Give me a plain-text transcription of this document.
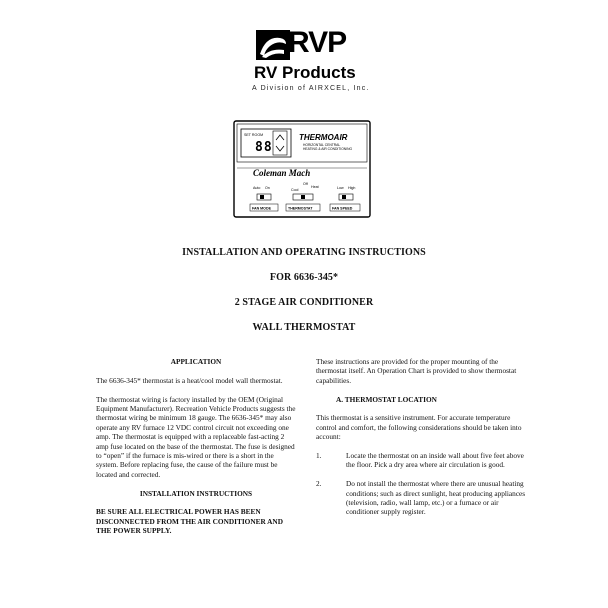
RVP
RV Products
A Division of AIRXCEL, Inc.
SET ROOM
88
THERMOAIR
HORIZONTAL CENTRAL
HEATING & AIR CONDITIONING
Coleman Mach
Auto On	Cool
Off
Heat	Low High
FAN MODE	THERMOSTAT	FAN SPEED
INSTALLATION AND OPERATING INSTRUCTIONS
FOR 6636-345*
2 STAGE AIR CONDITIONER
WALL THERMOSTAT
APPLICATION

The 6636-345* thermostat is a heat/cool model wall thermostat.

The thermostat wiring is factory installed by the OEM (Original Equipment Manufacturer). Recreation Vehicle Products suggests the thermostat wiring be minimum 18 gauge. The 6636-345* may also operate any RV furnace 12 VDC control circuit not exceeding one amp. The thermostat is equipped with a replaceable fast-acting 2 amp fuse located on the base of the thermostat. The fuse is designed to “open” if the furnace is mis-wired or there is a short in the system. Before replacing fuse, the cause of the failure must be located and corrected.

INSTALLATION INSTRUCTIONS

BE SURE ALL ELECTRICAL POWER HAS BEEN DISCONNECTED FROM THE AIR CONDITIONER AND THE POWER SUPPLY.

These instructions are provided for the proper mounting of the thermostat itself. An Operation Chart is provided to show thermostat capabilities.

A. THERMOSTAT LOCATION

This thermostat is a sensitive instrument. For accurate temperature control and comfort, the following considerations should be taken into account:

1.	Locate the thermostat on an inside wall about five feet above the floor. Pick a dry area where air circulation is good.
2.	Do not install the thermostat where there are unusual heating conditions; such as direct sunlight, heat producing appliances (television, radio, wall lamp, etc.) or a furnace or air conditioner supply register.
